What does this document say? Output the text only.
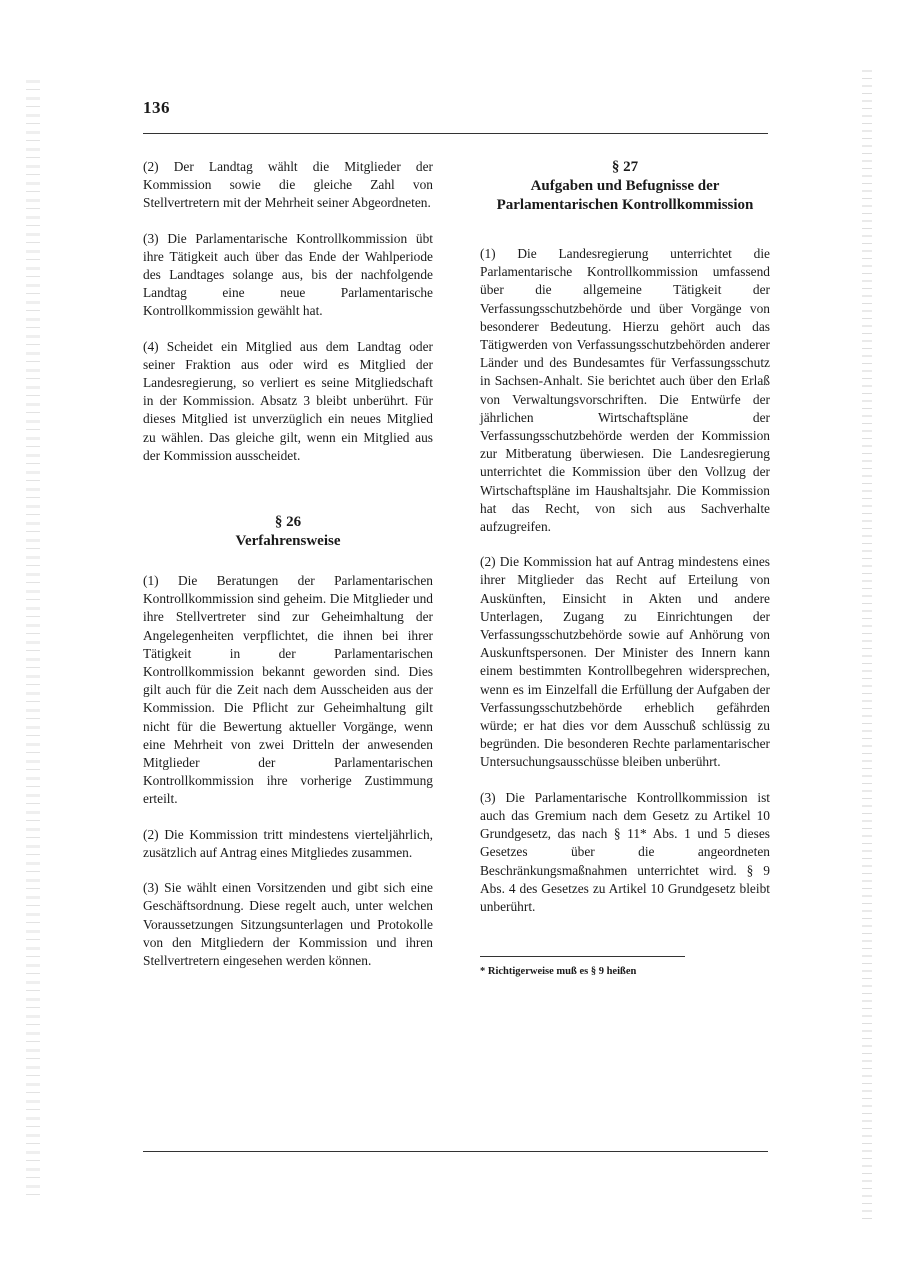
136

(2) Der Landtag wählt die Mitglieder der Kommission sowie die gleiche Zahl von Stellvertretern mit der Mehrheit seiner Abgeordneten.

(3) Die Parlamentarische Kontrollkommission übt ihre Tätigkeit auch über das Ende der Wahlperiode des Landtages solange aus, bis der nachfolgende Landtag eine neue Parlamentarische Kontrollkommission gewählt hat.

(4) Scheidet ein Mitglied aus dem Landtag oder seiner Fraktion aus oder wird es Mitglied der Landesregierung, so verliert es seine Mitgliedschaft in der Kommission. Absatz 3 bleibt unberührt. Für dieses Mitglied ist unverzüglich ein neues Mitglied zu wählen. Das gleiche gilt, wenn ein Mitglied aus der Kommission ausscheidet.

§ 26
Verfahrensweise

(1) Die Beratungen der Parlamentarischen Kontrollkommission sind geheim. Die Mitglieder und ihre Stellvertreter sind zur Geheimhaltung der Angelegenheiten verpflichtet, die ihnen bei ihrer Tätigkeit in der Parlamentarischen Kontrollkommission bekannt geworden sind. Dies gilt auch für die Zeit nach dem Ausscheiden aus der Kommission. Die Pflicht zur Geheimhaltung gilt nicht für die Bewertung aktueller Vorgänge, wenn eine Mehrheit von zwei Dritteln der anwesenden Mitglieder der Parlamentarischen Kontrollkommission ihre vorherige Zustimmung erteilt.

(2) Die Kommission tritt mindestens vierteljährlich, zusätzlich auf Antrag eines Mitgliedes zusammen.

(3) Sie wählt einen Vorsitzenden und gibt sich eine Geschäftsordnung. Diese regelt auch, unter welchen Voraussetzungen Sitzungsunterlagen und Protokolle von den Mitgliedern der Kommission und ihren Stellvertretern eingesehen werden können.

§ 27
Aufgaben und Befugnisse der Parlamentarischen Kontrollkommission

(1) Die Landesregierung unterrichtet die Parlamentarische Kontrollkommission umfassend über die allgemeine Tätigkeit der Verfassungsschutzbehörde und über Vorgänge von besonderer Bedeutung. Hierzu gehört auch das Tätigwerden von Verfassungsschutzbehörden anderer Länder und des Bundesamtes für Verfassungsschutz in Sachsen-Anhalt. Sie berichtet auch über den Erlaß von Verwaltungsvorschriften. Die Entwürfe der jährlichen Wirtschaftspläne der Verfassungsschutzbehörde werden der Kommission zur Mitberatung überwiesen. Die Landesregierung unterrichtet die Kommission über den Vollzug der Wirtschaftspläne im Haushaltsjahr. Die Kommission hat das Recht, von sich aus Sachverhalte aufzugreifen.

(2) Die Kommission hat auf Antrag mindestens eines ihrer Mitglieder das Recht auf Erteilung von Auskünften, Einsicht in Akten und andere Unterlagen, Zugang zu Einrichtungen der Verfassungsschutzbehörde sowie auf Anhörung von Auskunftspersonen. Der Minister des Innern kann einem bestimmten Kontrollbegehren widersprechen, wenn es im Einzelfall die Erfüllung der Aufgaben der Verfassungsschutzbehörde erheblich gefährden würde; er hat dies vor dem Ausschuß schlüssig zu begründen. Die besonderen Rechte parlamentarischer Untersuchungsausschüsse bleiben unberührt.

(3) Die Parlamentarische Kontrollkommission ist auch das Gremium nach dem Gesetz zu Artikel 10 Grundgesetz, das nach § 11* Abs. 1 und 5 dieses Gesetzes über die angeordneten Beschränkungsmaßnahmen unterrichtet wird. § 9 Abs. 4 des Gesetzes zu Artikel 10 Grundgesetz bleibt unberührt.

* Richtigerweise muß es § 9 heißen
